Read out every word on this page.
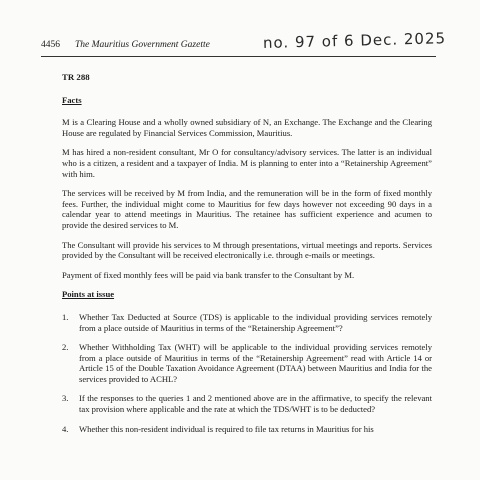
4456 The Mauritius Government Gazette	no. 97 of 6 Dec. 2025

TR 288

Facts

M is a Clearing House and a wholly owned subsidiary of N, an Exchange. The Exchange and the Clearing House are regulated by Financial Services Commission, Mauritius.

M has hired a non-resident consultant, Mr O for consultancy/advisory services. The latter is an individual who is a citizen, a resident and a taxpayer of India. M is planning to enter into a “Retainership Agreement” with him.

The services will be received by M from India, and the remuneration will be in the form of fixed monthly fees. Further, the individual might come to Mauritius for few days however not exceeding 90 days in a calendar year to attend meetings in Mauritius. The retainee has sufficient experience and acumen to provide the desired services to M.

The Consultant will provide his services to M through presentations, virtual meetings and reports. Services provided by the Consultant will be received electronically i.e. through e-mails or meetings.

Payment of fixed monthly fees will be paid via bank transfer to the Consultant by M.

Points at issue

1. Whether Tax Deducted at Source (TDS) is applicable to the individual providing services remotely from a place outside of Mauritius in terms of the “Retainership Agreement”?
2. Whether Withholding Tax (WHT) will be applicable to the individual providing services remotely from a place outside of Mauritius in terms of the “Retainership Agreement” read with Article 14 or Article 15 of the Double Taxation Avoidance Agreement (DTAA) between Mauritius and India for the services provided to ACHL?
3. If the responses to the queries 1 and 2 mentioned above are in the affirmative, to specify the relevant tax provision where applicable and the rate at which the TDS/WHT is to be deducted?
4. Whether this non-resident individual is required to file tax returns in Mauritius for his
